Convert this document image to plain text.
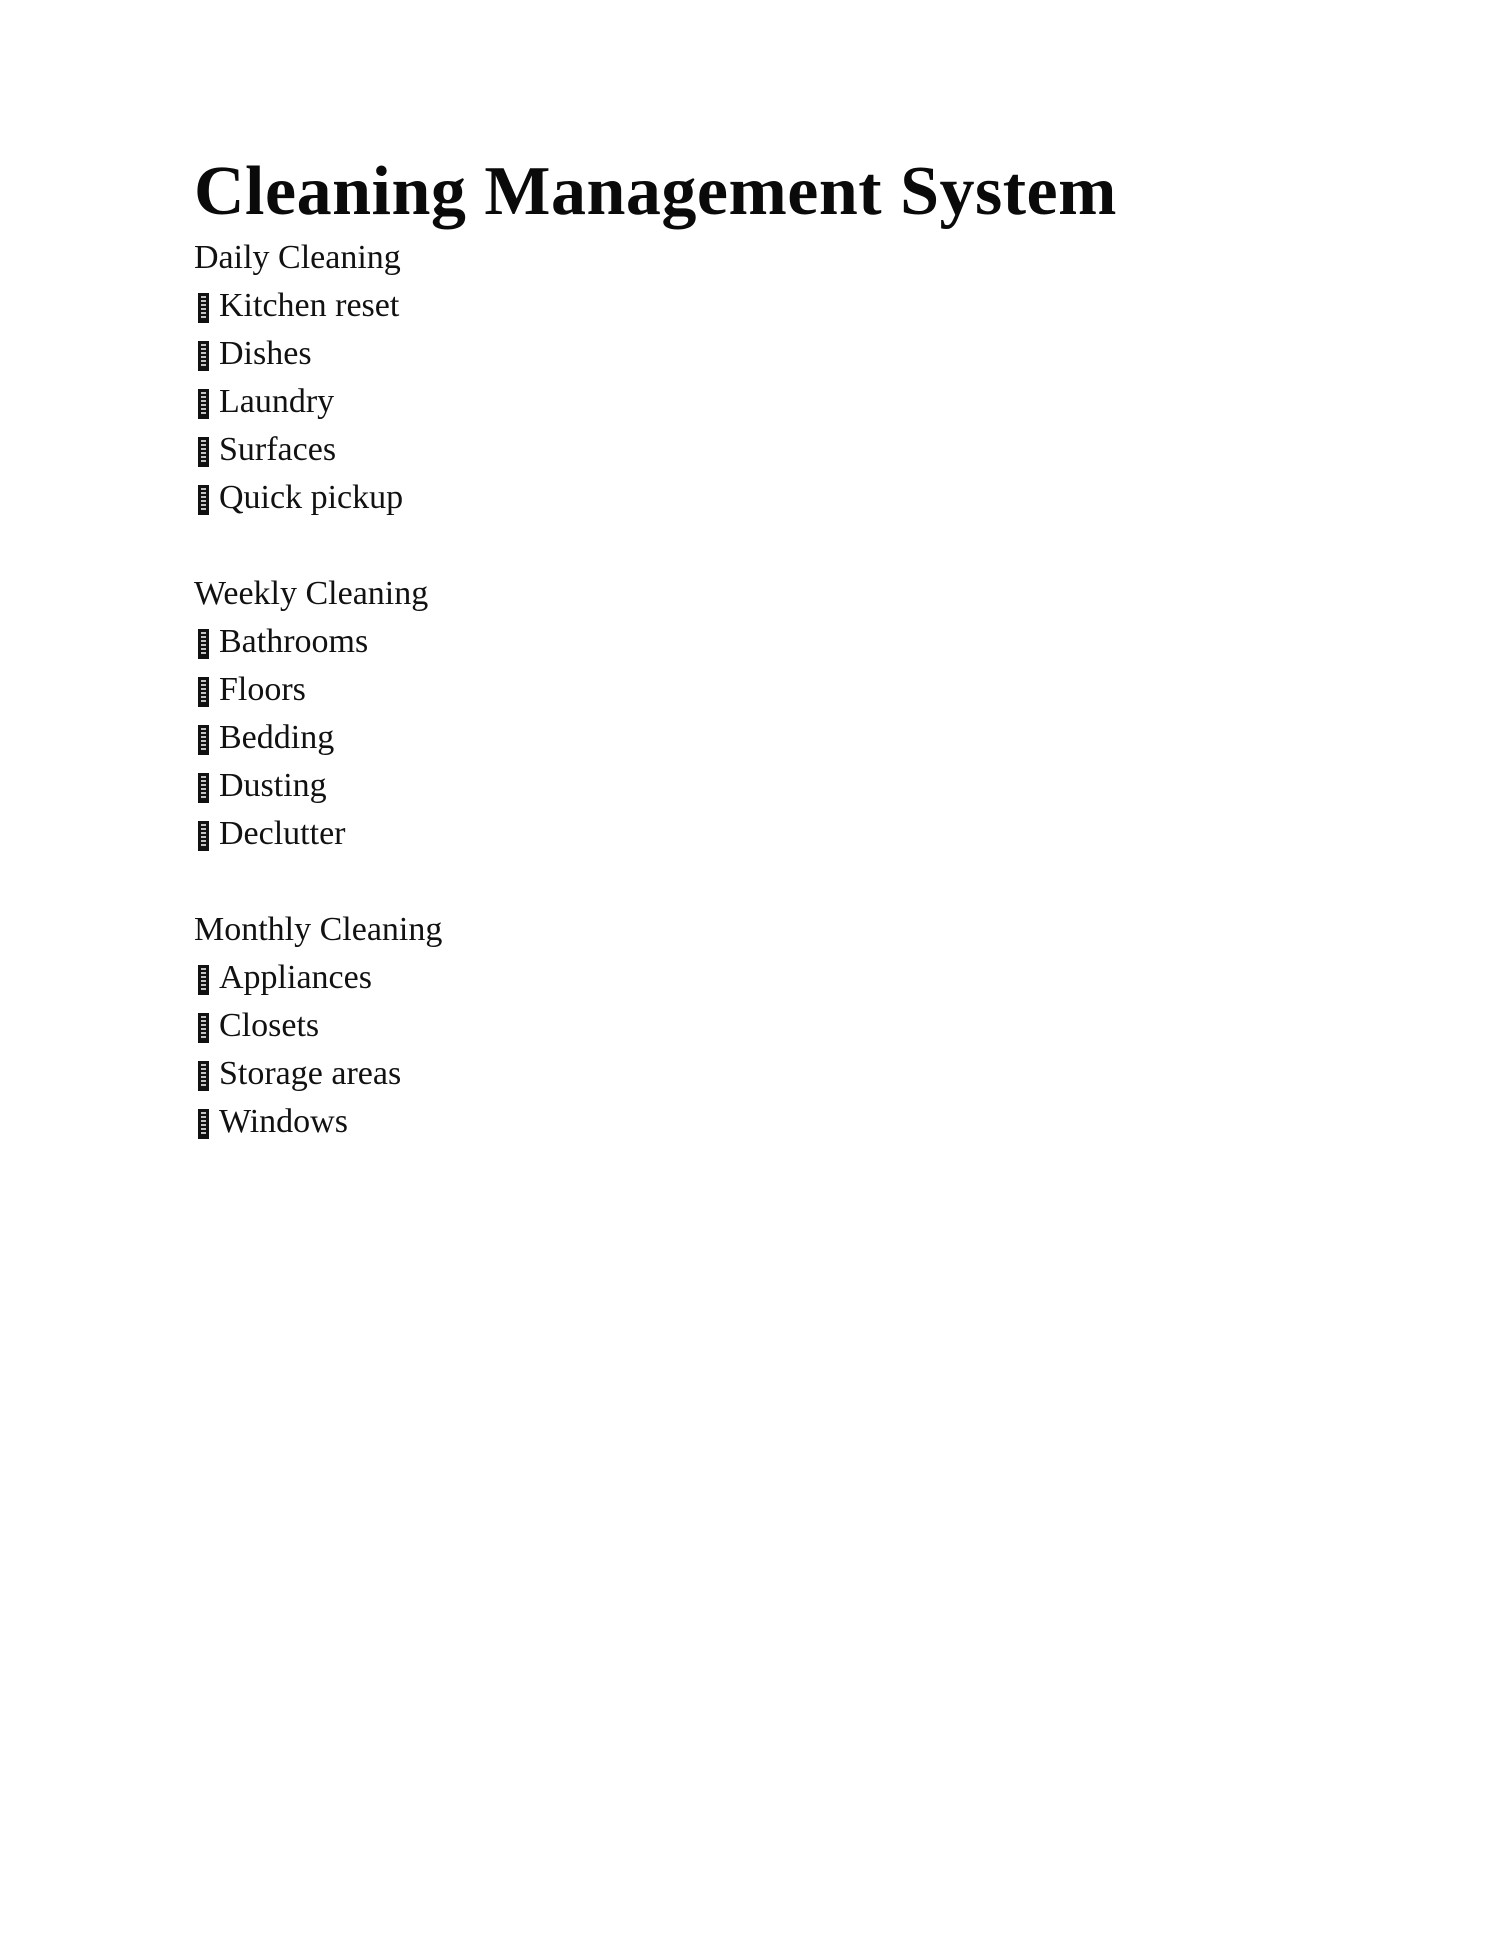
Cleaning Management System
Daily Cleaning
Kitchen reset
Dishes
Laundry
Surfaces
Quick pickup
Weekly Cleaning
Bathrooms
Floors
Bedding
Dusting
Declutter
Monthly Cleaning
Appliances
Closets
Storage areas
Windows
